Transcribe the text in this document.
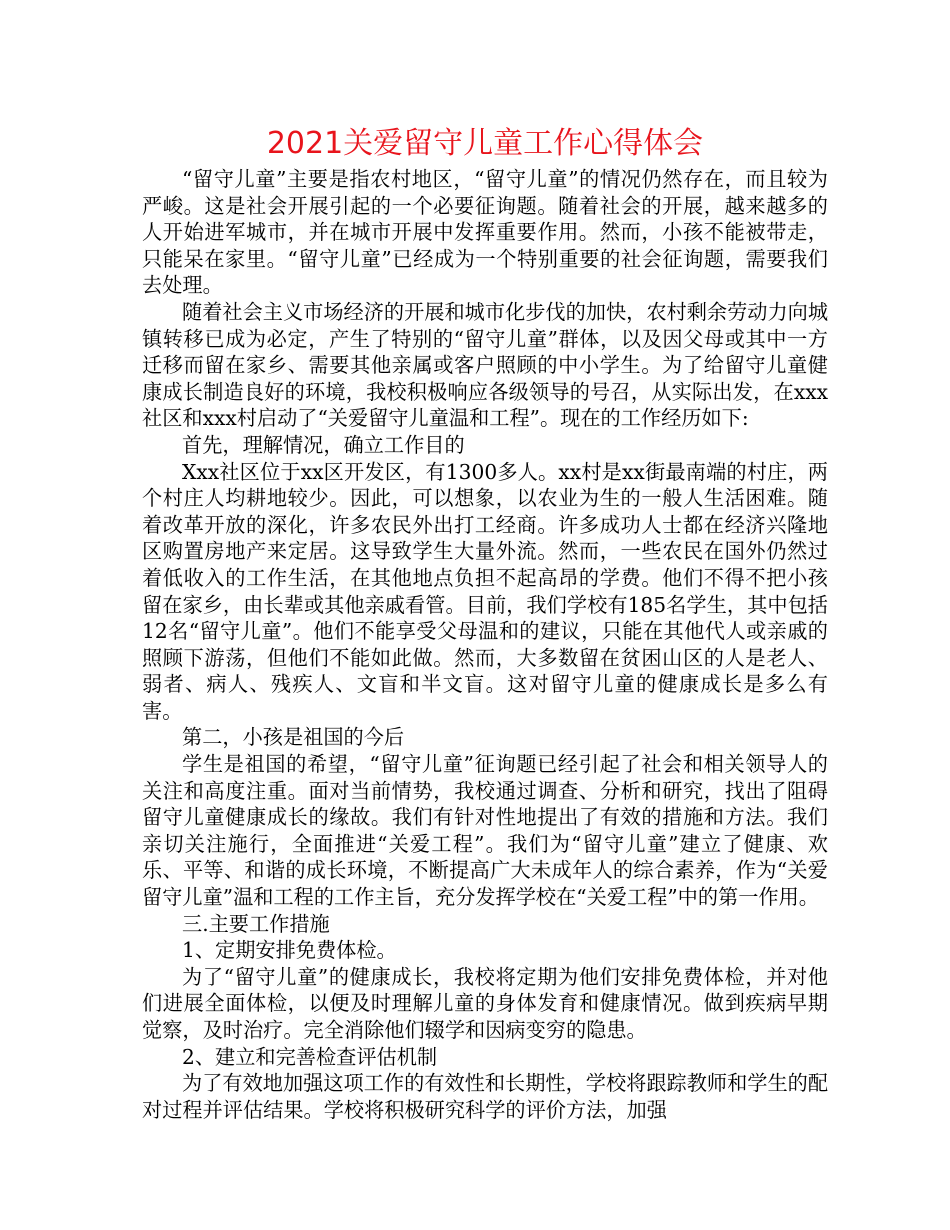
2021关爱留守儿童工作心得体会

“留守儿童”主要是指农村地区，“留守儿童”的情况仍然存在，而且较为严峻。这是社会开展引起的一个必要征询题。随着社会的开展，越来越多的人开始进军城市，并在城市开展中发挥重要作用。然而，小孩不能被带走，只能呆在家里。“留守儿童”已经成为一个特别重要的社会征询题，需要我们去处理。

随着社会主义市场经济的开展和城市化步伐的加快，农村剩余劳动力向城镇转移已成为必定，产生了特别的“留守儿童”群体，以及因父母或其中一方迁移而留在家乡、需要其他亲属或客户照顾的中小学生。为了给留守儿童健康成长制造良好的环境，我校积极响应各级领导的号召，从实际出发，在xxx社区和xxx村启动了“关爱留守儿童温和工程”。现在的工作经历如下:

首先，理解情况，确立工作目的

Xxx社区位于xx区开发区，有1300多人。xx村是xx街最南端的村庄，两个村庄人均耕地较少。因此，可以想象，以农业为生的一般人生活困难。随着改革开放的深化，许多农民外出打工经商。许多成功人士都在经济兴隆地区购置房地产来定居。这导致学生大量外流。然而，一些农民在国外仍然过着低收入的工作生活，在其他地点负担不起高昂的学费。他们不得不把小孩留在家乡，由长辈或其他亲戚看管。目前，我们学校有185名学生，其中包括12名“留守儿童”。他们不能享受父母温和的建议，只能在其他代人或亲戚的照顾下游荡，但他们不能如此做。然而，大多数留在贫困山区的人是老人、弱者、病人、残疾人、文盲和半文盲。这对留守儿童的健康成长是多么有害。

第二，小孩是祖国的今后

学生是祖国的希望，“留守儿童”征询题已经引起了社会和相关领导人的关注和高度注重。面对当前情势，我校通过调查、分析和研究，找出了阻碍留守儿童健康成长的缘故。我们有针对性地提出了有效的措施和方法。我们亲切关注施行，全面推进“关爱工程”。我们为“留守儿童”建立了健康、欢乐、平等、和谐的成长环境，不断提高广大未成年人的综合素养，作为“关爱留守儿童”温和工程的工作主旨，充分发挥学校在“关爱工程”中的第一作用。

三.主要工作措施

1、定期安排免费体检。

为了“留守儿童”的健康成长，我校将定期为他们安排免费体检，并对他们进展全面体检，以便及时理解儿童的身体发育和健康情况。做到疾病早期觉察，及时治疗。完全消除他们辍学和因病变穷的隐患。

2、建立和完善检查评估机制

为了有效地加强这项工作的有效性和长期性，学校将跟踪教师和学生的配对过程并评估结果。学校将积极研究科学的评价方法，加强
